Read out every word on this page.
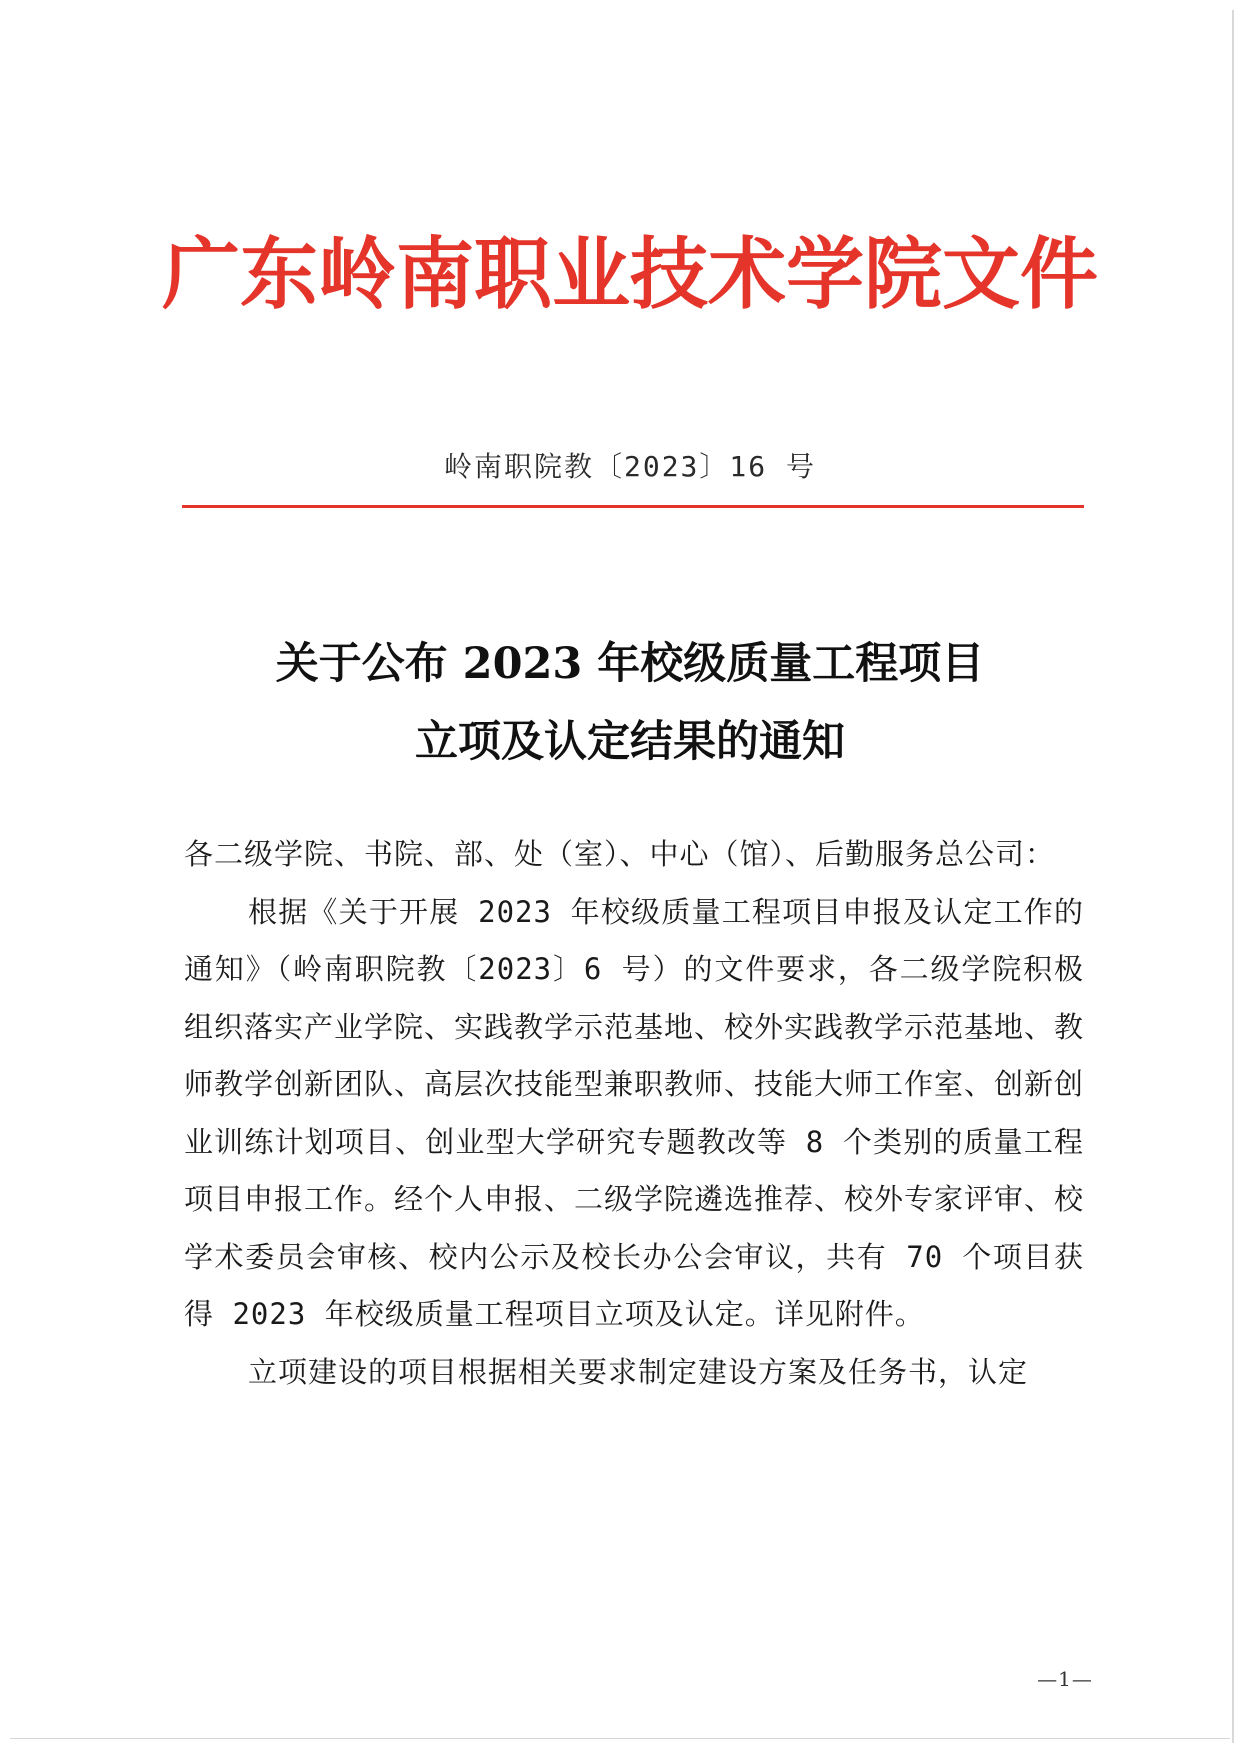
广东岭南职业技术学院文件
岭南职院教〔2023〕16 号
关于公布 2023 年校级质量工程项目
立项及认定结果的通知

各二级学院、书院、部、处（室）、中心（馆）、后勤服务总公司：

根据《关于开展 2023 年校级质量工程项目申报及认定工作的通知》（岭南职院教〔2023〕6 号）的文件要求，各二级学院积极组织落实产业学院、实践教学示范基地、校外实践教学示范基地、教师教学创新团队、高层次技能型兼职教师、技能大师工作室、创新创业训练计划项目、创业型大学研究专题教改等 8 个类别的质量工程项目申报工作。经个人申报、二级学院遴选推荐、校外专家评审、校学术委员会审核、校内公示及校长办公会审议，共有 70 个项目获得 2023 年校级质量工程项目立项及认定。详见附件。

立项建设的项目根据相关要求制定建设方案及任务书，认定

—1—
